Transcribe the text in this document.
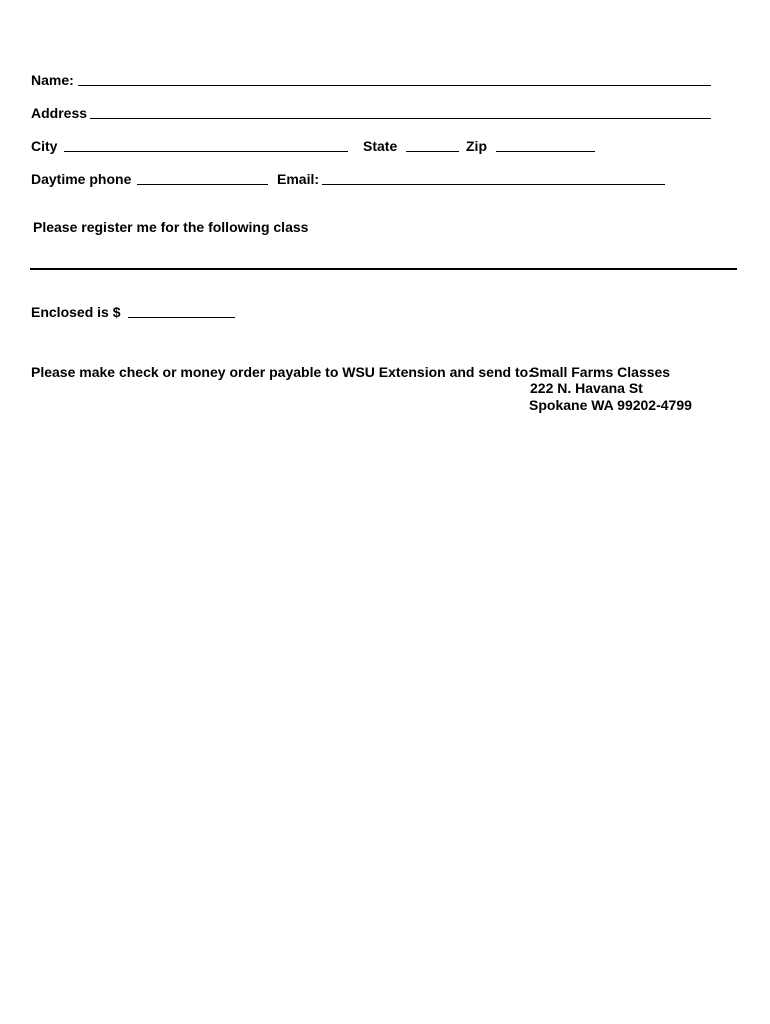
Name:
Address
City	State	Zip
Daytime phone	Email:
Please register me for the following class
Enclosed is $
Please make check or money order payable to WSU Extension and send to:
Small Farms Classes
222 N. Havana St
Spokane WA 99202-4799
